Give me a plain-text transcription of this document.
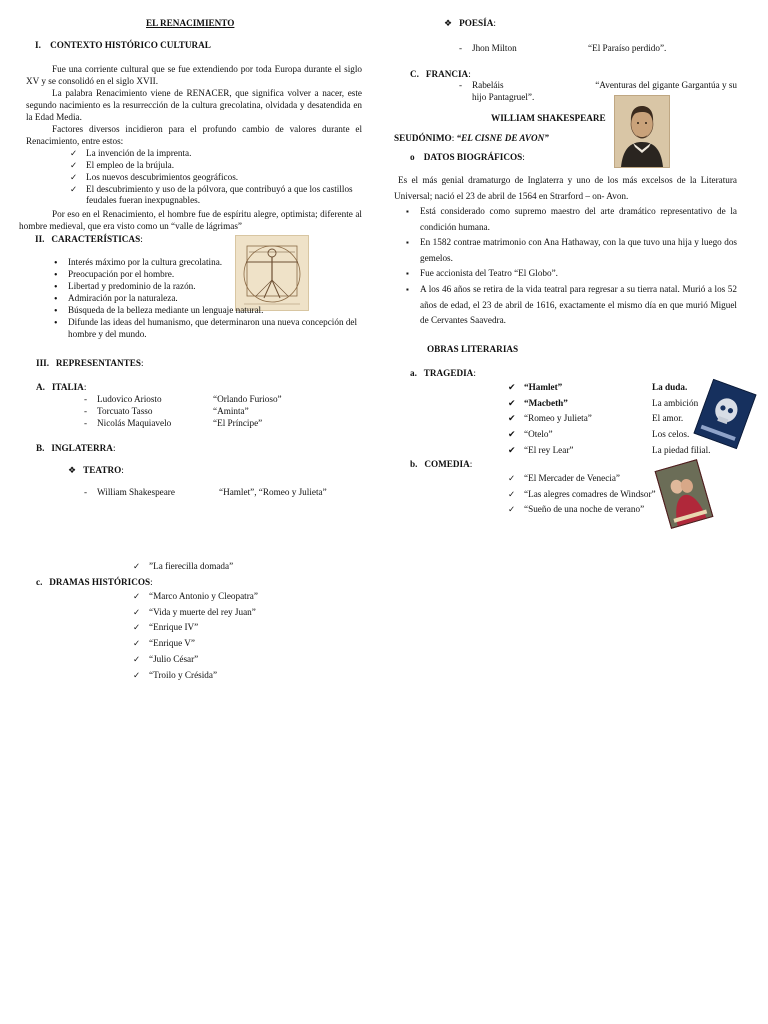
EL RENACIMIENTO
I. CONTEXTO HISTÓRICO CULTURAL

Fue una corriente cultural que se fue extendiendo por toda Europa durante el siglo XV y se consolidó en el siglo XVII.

La palabra Renacimiento viene de RENACER, que significa volver a nacer, este segundo nacimiento es la resurrección de la cultura grecolatina, olvidada y desatendida en la Edad Media.

Factores diversos incidieron para el profundo cambio de valores durante el Renacimiento, entre estos:

✓ La invención de la imprenta.
✓ El empleo de la brújula.
✓ Los nuevos descubrimientos geográficos.
✓ El descubrimiento y uso de la pólvora, que contribuyó a que los castillos feudales fueran inexpugnables.

Por eso en el Renacimiento, el hombre fue de espíritu alegre, optimista; diferente al hombre medieval, que era visto como un “valle de lágrimas”

II. CARACTERÍSTICAS:
• Interés máximo por la cultura grecolatina.
• Preocupación por el hombre.
• Libertad y predominio de la razón.
• Admiración por la naturaleza.
• Búsqueda de la belleza mediante un lenguaje natural.
• Difunde las ideas del humanismo, que determinaron una nueva concepción del hombre y del mundo.
III. REPRESENTANTES:
A. ITALIA:
-	Ludovico Ariosto	“Orlando Furioso”
-	Torcuato Tasso	“Aminta”
-	Nicolás Maquiavelo	“El Príncipe”
B. INGLATERRA:
❖ TEATRO:
-	William Shakespeare	“Hamlet”, “Romeo y Julieta”
✓ ”La fierecilla domada”
c. DRAMAS HISTÓRICOS:
✓ “Marco Antonio y Cleopatra”
✓ “Vida y muerte del rey Juan”
✓ “Enrique IV”
✓ “Enrique V”
✓ “Julio César”
✓ “Troilo y Crésida”
❖ POESÍA:
-	Jhon Milton	“El Paraíso perdido”.
C. FRANCIA:
-	Rabeláis	“Aventuras del gigante Gargantúa y su
hijo Pantagruel”.
WILLIAM SHAKESPEARE
SEUDÓNIMO: “EL CISNE DE AVON”
o DATOS BIOGRÁFICOS:

Es el más genial dramaturgo de Inglaterra y uno de los más excelsos de la Literatura Universal; nació el 23 de abril de 1564 en Strarford – on- Avon.

▪ Está considerado como supremo maestro del arte dramático representativo de la condición humana.
▪ En 1582 contrae matrimonio con Ana Hathaway, con la que tuvo una hija y luego dos gemelos.
▪ Fue accionista del Teatro “El Globo”.
▪ A los 46 años se retira de la vida teatral para regresar a su tierra natal. Murió a los 52 años de edad, el 23 de abril de 1616, exactamente el mismo día en que murió Miguel de Cervantes Saavedra.
OBRAS LITERARIAS
a. TRAGEDIA:
✔ “Hamlet”	La duda.
✔ “Macbeth”	La ambición
✔ “Romeo y Julieta”	El amor.
✔ “Otelo”	Los celos.
✔ “El rey Lear”	La piedad filial.
b. COMEDIA:
✓ “El Mercader de Venecia”
✓ “Las alegres comadres de Windsor”
✓ “Sueño de una noche de verano”
